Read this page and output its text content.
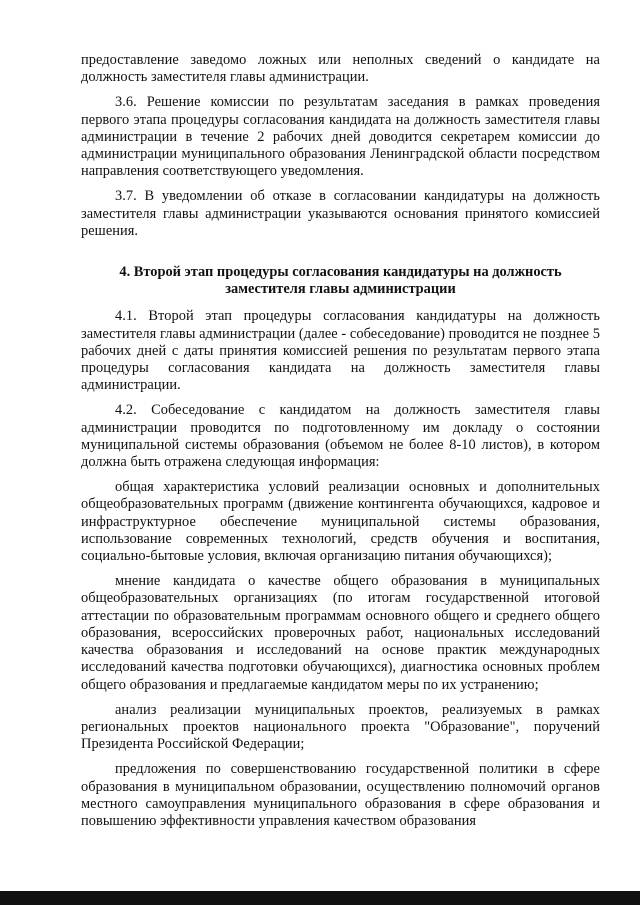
предоставление заведомо ложных или неполных сведений о кандидате на должность заместителя главы администрации.

3.6. Решение комиссии по результатам заседания в рамках проведения первого этапа процедуры согласования кандидата на должность заместителя главы администрации в течение 2 рабочих дней доводится секретарем комиссии до администрации муниципального образования Ленинградской области посредством направления соответствующего уведомления.

3.7. В уведомлении об отказе в согласовании кандидатуры на должность заместителя главы администрации указываются основания принятого комиссией решения.

4. Второй этап процедуры согласования кандидатуры на должность
заместителя главы администрации

4.1. Второй этап процедуры согласования кандидатуры на должность заместителя главы администрации (далее - собеседование) проводится не позднее 5 рабочих дней с даты принятия комиссией решения по результатам первого этапа процедуры согласования кандидата на должность заместителя главы администрации.

4.2. Собеседование с кандидатом на должность заместителя главы администрации проводится по подготовленному им докладу о состоянии муниципальной системы образования (объемом не более 8-10 листов), в котором должна быть отражена следующая информация:

общая характеристика условий реализации основных и дополнительных общеобразовательных программ (движение контингента обучающихся, кадровое и инфраструктурное обеспечение муниципальной системы образования, использование современных технологий, средств обучения и воспитания, социально-бытовые условия, включая организацию питания обучающихся);

мнение кандидата о качестве общего образования в муниципальных общеобразовательных организациях (по итогам государственной итоговой аттестации по образовательным программам основного общего и среднего общего образования, всероссийских проверочных работ, национальных исследований качества образования и исследований на основе практик международных исследований качества подготовки обучающихся), диагностика основных проблем общего образования и предлагаемые кандидатом меры по их устранению;

анализ реализации муниципальных проектов, реализуемых в рамках региональных проектов национального проекта "Образование", поручений Президента Российской Федерации;

предложения по совершенствованию государственной политики в сфере образования в муниципальном образовании, осуществлению полномочий органов местного самоуправления муниципального образования в сфере образования и повышению эффективности управления качеством образования
